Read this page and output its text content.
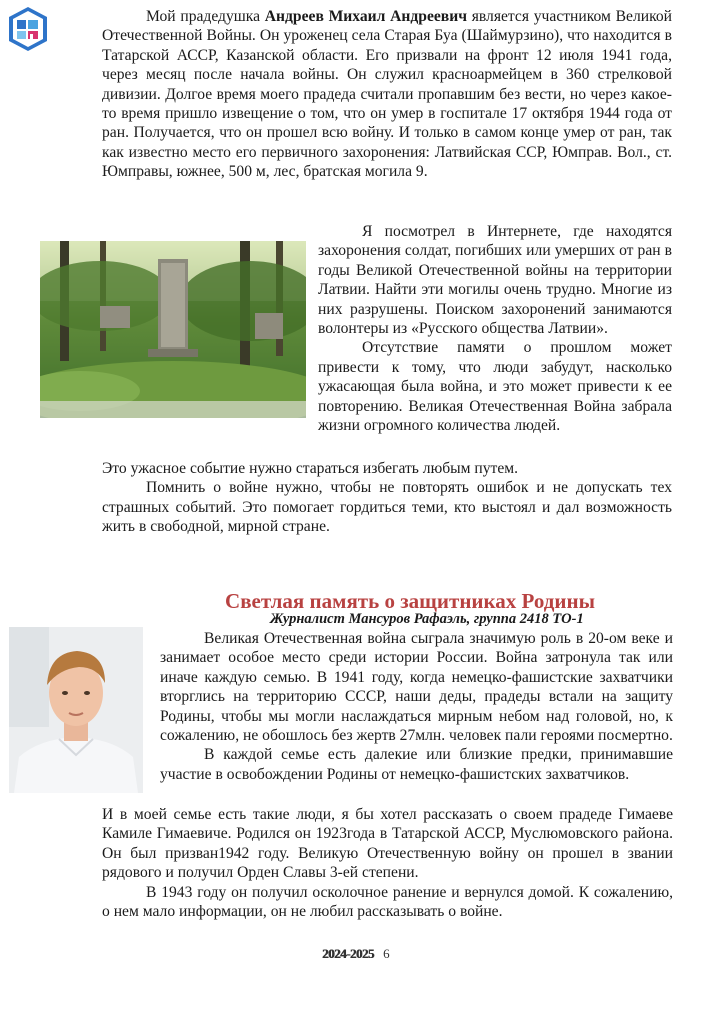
Мой прадедушка Андреев Михаил Андреевич является участником Великой Отечественной Войны. Он уроженец села Старая Буа (Шаймурзино), что находится в Татарской АССР, Казанской области. Его призвали на фронт 12 июля 1941 года, через месяц после начала войны. Он служил красноармейцем в 360 стрелковой дивизии. Долгое время моего прадеда считали пропавшим без вести, но через какое-то время пришло извещение о том, что он умер в госпитале 17 октября 1944 года от ран. Получается, что он прошел всю войну. И только в самом конце умер от ран, так как известно место его первичного захоронения: Латвийская ССР, Юмправ. Вол., ст. Юмправы, южнее, 500 м, лес, братская могила 9.

Я посмотрел в Интернете, где находятся захоронения солдат, погибших или умерших от ран в годы Великой Отечественной войны на территории Латвии. Найти эти могилы очень трудно. Многие из них разрушены. Поиском захоронений занимаются волонтеры из «Русского общества Латвии».

Отсутствие памяти о прошлом может привести к тому, что люди забудут, насколько ужасающая была война, и это может привести к ее повторению. Великая Отечественная Война забрала жизни огромного количества людей.

Это ужасное событие нужно стараться избегать любым путем.

Помнить о войне нужно, чтобы не повторять ошибок и не допускать тех страшных событий. Это помогает гордиться теми, кто выстоял и дал возможность жить в свободной, мирной стране.

Светлая память о защитниках Родины
Журналист Мансуров Рафаэль, группа 2418 ТО-1

Великая Отечественная война сыграла значимую роль в 20-ом веке и занимает особое место среди истории России. Война затронула так или иначе каждую семью. В 1941 году, когда немецко-фашистские захватчики вторглись на территорию СССР, наши деды, прадеды встали на защиту Родины, чтобы мы могли наслаждаться мирным небом над головой, но, к сожалению, не обошлось без жертв 27млн. человек пали героями посмертно.

В каждой семье есть далекие или близкие предки, принимавшие участие в освобождении Родины от немецко-фашистских захватчиков.

И в моей семье есть такие люди, я бы хотел рассказать о своем прадеде Гимаеве Камиле Гимаевиче. Родился он 1923года в Татарской АССР, Муслюмовского района. Он был призван1942 году. Великую Отечественную войну он прошел в звании рядового и получил Орден Славы 3-ей степени.

В 1943 году он получил осколочное ранение и вернулся домой. К сожалению, о нем мало информации, он не любил рассказывать о войне.

2024-2025 6
